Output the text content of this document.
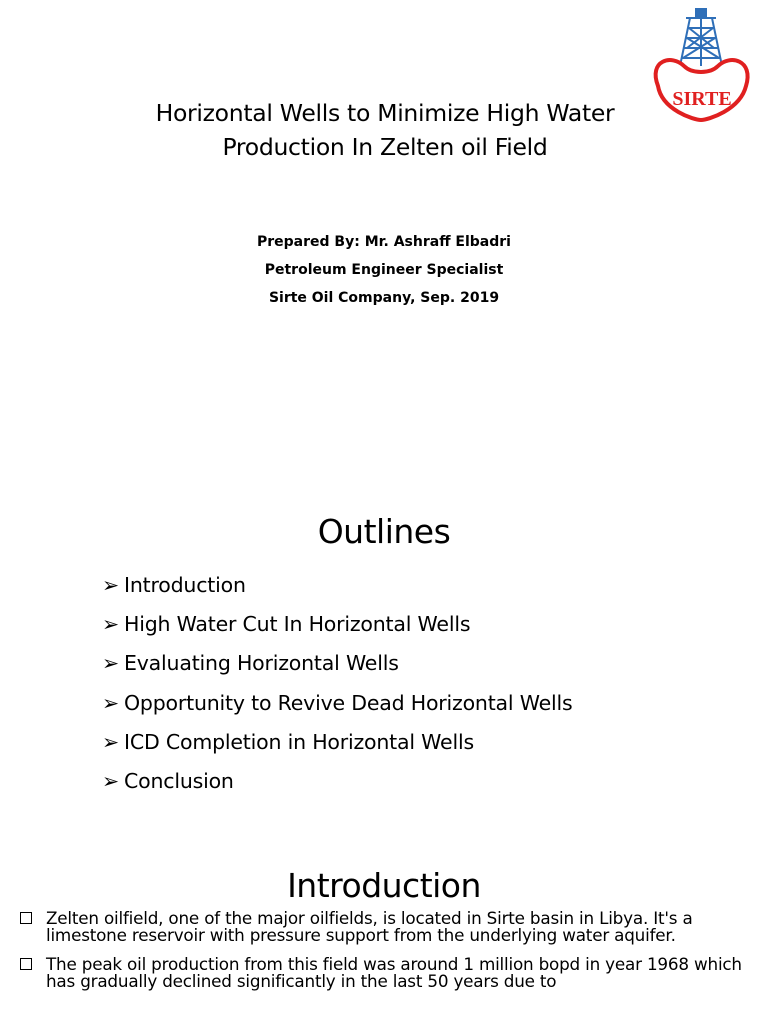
SIRTE
Horizontal Wells to Minimize High Water
Production In Zelten oil Field
Prepared By: Mr. Ashraff Elbadri
Petroleum Engineer Specialist
Sirte Oil Company, Sep. 2019
Outlines
➢ Introduction
➢ High Water Cut In Horizontal Wells
➢ Evaluating Horizontal Wells
➢ Opportunity to Revive Dead Horizontal Wells
➢ ICD Completion in Horizontal Wells
➢ Conclusion
Introduction
Zelten oilfield, one of the major oilfields, is located in Sirte basin in Libya. It's a limestone reservoir with pressure support from the underlying water aquifer.
The peak oil production from this field was around 1 million bopd in year 1968 which has gradually declined significantly in the last 50 years due to
